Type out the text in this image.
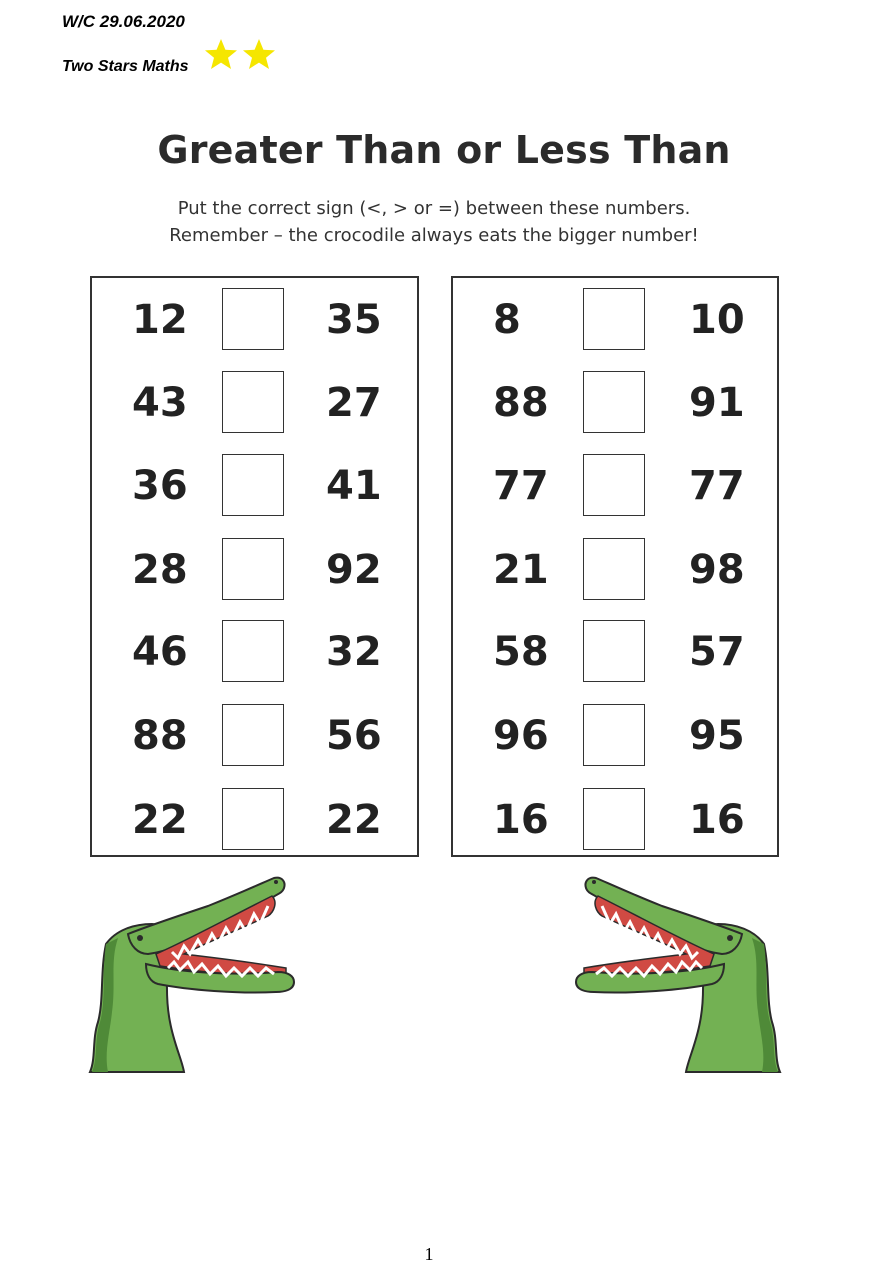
W/C 29.06.2020
Two Stars Maths
Greater Than or Less Than
Put the correct sign (<, > or =) between these numbers.
Remember – the crocodile always eats the bigger number!
12	35
43	27
36	41
28	92
46	32
88	56
22	22
8	10
88	91
77	77
21	98
58	57
96	95
16	16
1
